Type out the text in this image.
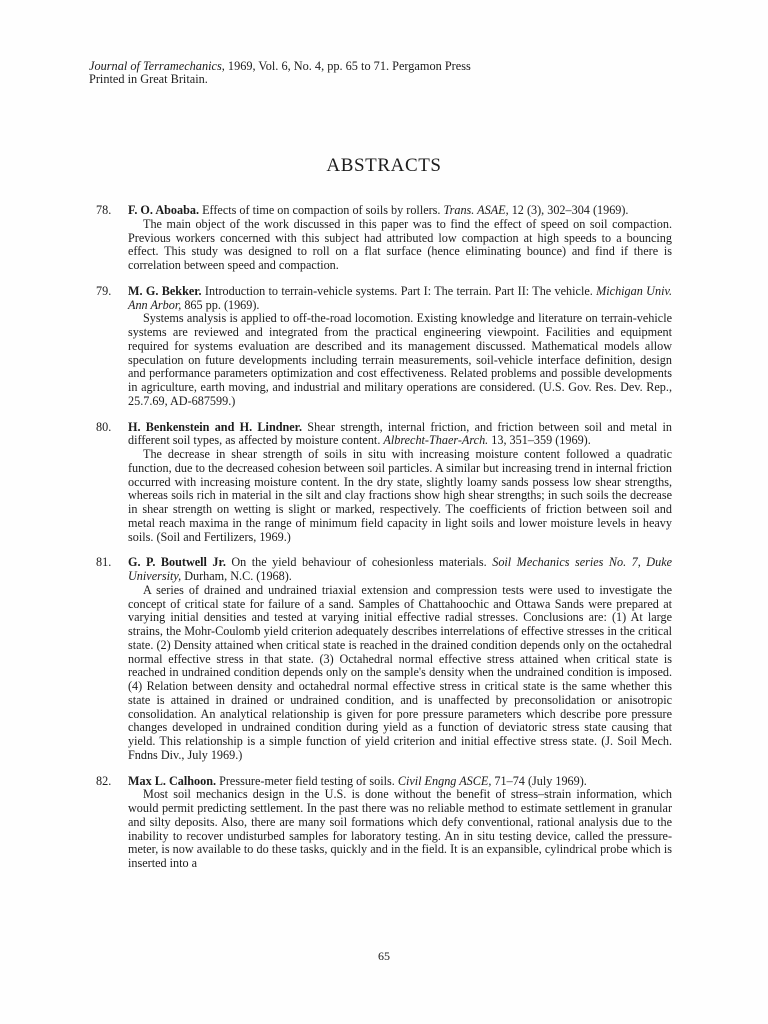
Journal of Terramechanics, 1969, Vol. 6, No. 4, pp. 65 to 71. Pergamon Press
Printed in Great Britain.
ABSTRACTS
78. F. O. Aboaba. Effects of time on compaction of soils by rollers. Trans. ASAE, 12 (3), 302–304 (1969).

The main object of the work discussed in this paper was to find the effect of speed on soil compaction. Previous workers concerned with this subject had attributed low compaction at high speeds to a bouncing effect. This study was designed to roll on a flat surface (hence eliminating bounce) and find if there is correlation between speed and compaction.

79. M. G. Bekker. Introduction to terrain-vehicle systems. Part I: The terrain. Part II: The vehicle. Michigan Univ. Ann Arbor, 865 pp. (1969).

Systems analysis is applied to off-the-road locomotion. Existing knowledge and literature on terrain-vehicle systems are reviewed and integrated from the practical engineering viewpoint. Facilities and equipment required for systems evaluation are described and its management discussed. Mathematical models allow speculation on future developments including terrain measurements, soil-vehicle interface definition, design and performance parameters optimization and cost effectiveness. Related problems and possible developments in agriculture, earth moving, and industrial and military operations are considered. (U.S. Gov. Res. Dev. Rep., 25.7.69, AD-687599.)

80. H. Benkenstein and H. Lindner. Shear strength, internal friction, and friction between soil and metal in different soil types, as affected by moisture content. Albrecht-Thaer-Arch. 13, 351–359 (1969).

The decrease in shear strength of soils in situ with increasing moisture content followed a quadratic function, due to the decreased cohesion between soil particles. A similar but increasing trend in internal friction occurred with increasing moisture content. In the dry state, slightly loamy sands possess low shear strengths, whereas soils rich in material in the silt and clay fractions show high shear strengths; in such soils the decrease in shear strength on wetting is slight or marked, respectively. The coefficients of friction between soil and metal reach maxima in the range of minimum field capacity in light soils and lower moisture levels in heavy soils. (Soil and Fertilizers, 1969.)

81. G. P. Boutwell Jr. On the yield behaviour of cohesionless materials. Soil Mechanics series No. 7, Duke University, Durham, N.C. (1968).

A series of drained and undrained triaxial extension and compression tests were used to investigate the concept of critical state for failure of a sand. Samples of Chattahoochic and Ottawa Sands were prepared at varying initial densities and tested at varying initial effective radial stresses. Conclusions are: (1) At large strains, the Mohr-Coulomb yield criterion adequately describes interrelations of effective stresses in the critical state. (2) Density attained when critical state is reached in the drained condition depends only on the octahedral normal effective stress in that state. (3) Octahedral normal effective stress attained when critical state is reached in undrained condition depends only on the sample's density when the undrained condition is imposed. (4) Relation between density and octahedral normal effective stress in critical state is the same whether this state is attained in drained or undrained condition, and is unaffected by preconsolidation or anisotropic consolidation. An analytical relationship is given for pore pressure parameters which describe pore pressure changes developed in undrained condition during yield as a function of deviatoric stress state causing that yield. This relationship is a simple function of yield criterion and initial effective stress state. (J. Soil Mech. Fndns Div., July 1969.)

82. Max L. Calhoon. Pressure-meter field testing of soils. Civil Engng ASCE, 71–74 (July 1969).

Most soil mechanics design in the U.S. is done without the benefit of stress–strain information, which would permit predicting settlement. In the past there was no reliable method to estimate settlement in granular and silty deposits. Also, there are many soil formations which defy conventional, rational analysis due to the inability to recover undisturbed samples for laboratory testing. An in situ testing device, called the pressure-meter, is now available to do these tasks, quickly and in the field. It is an expansible, cylindrical probe which is inserted into a

65
